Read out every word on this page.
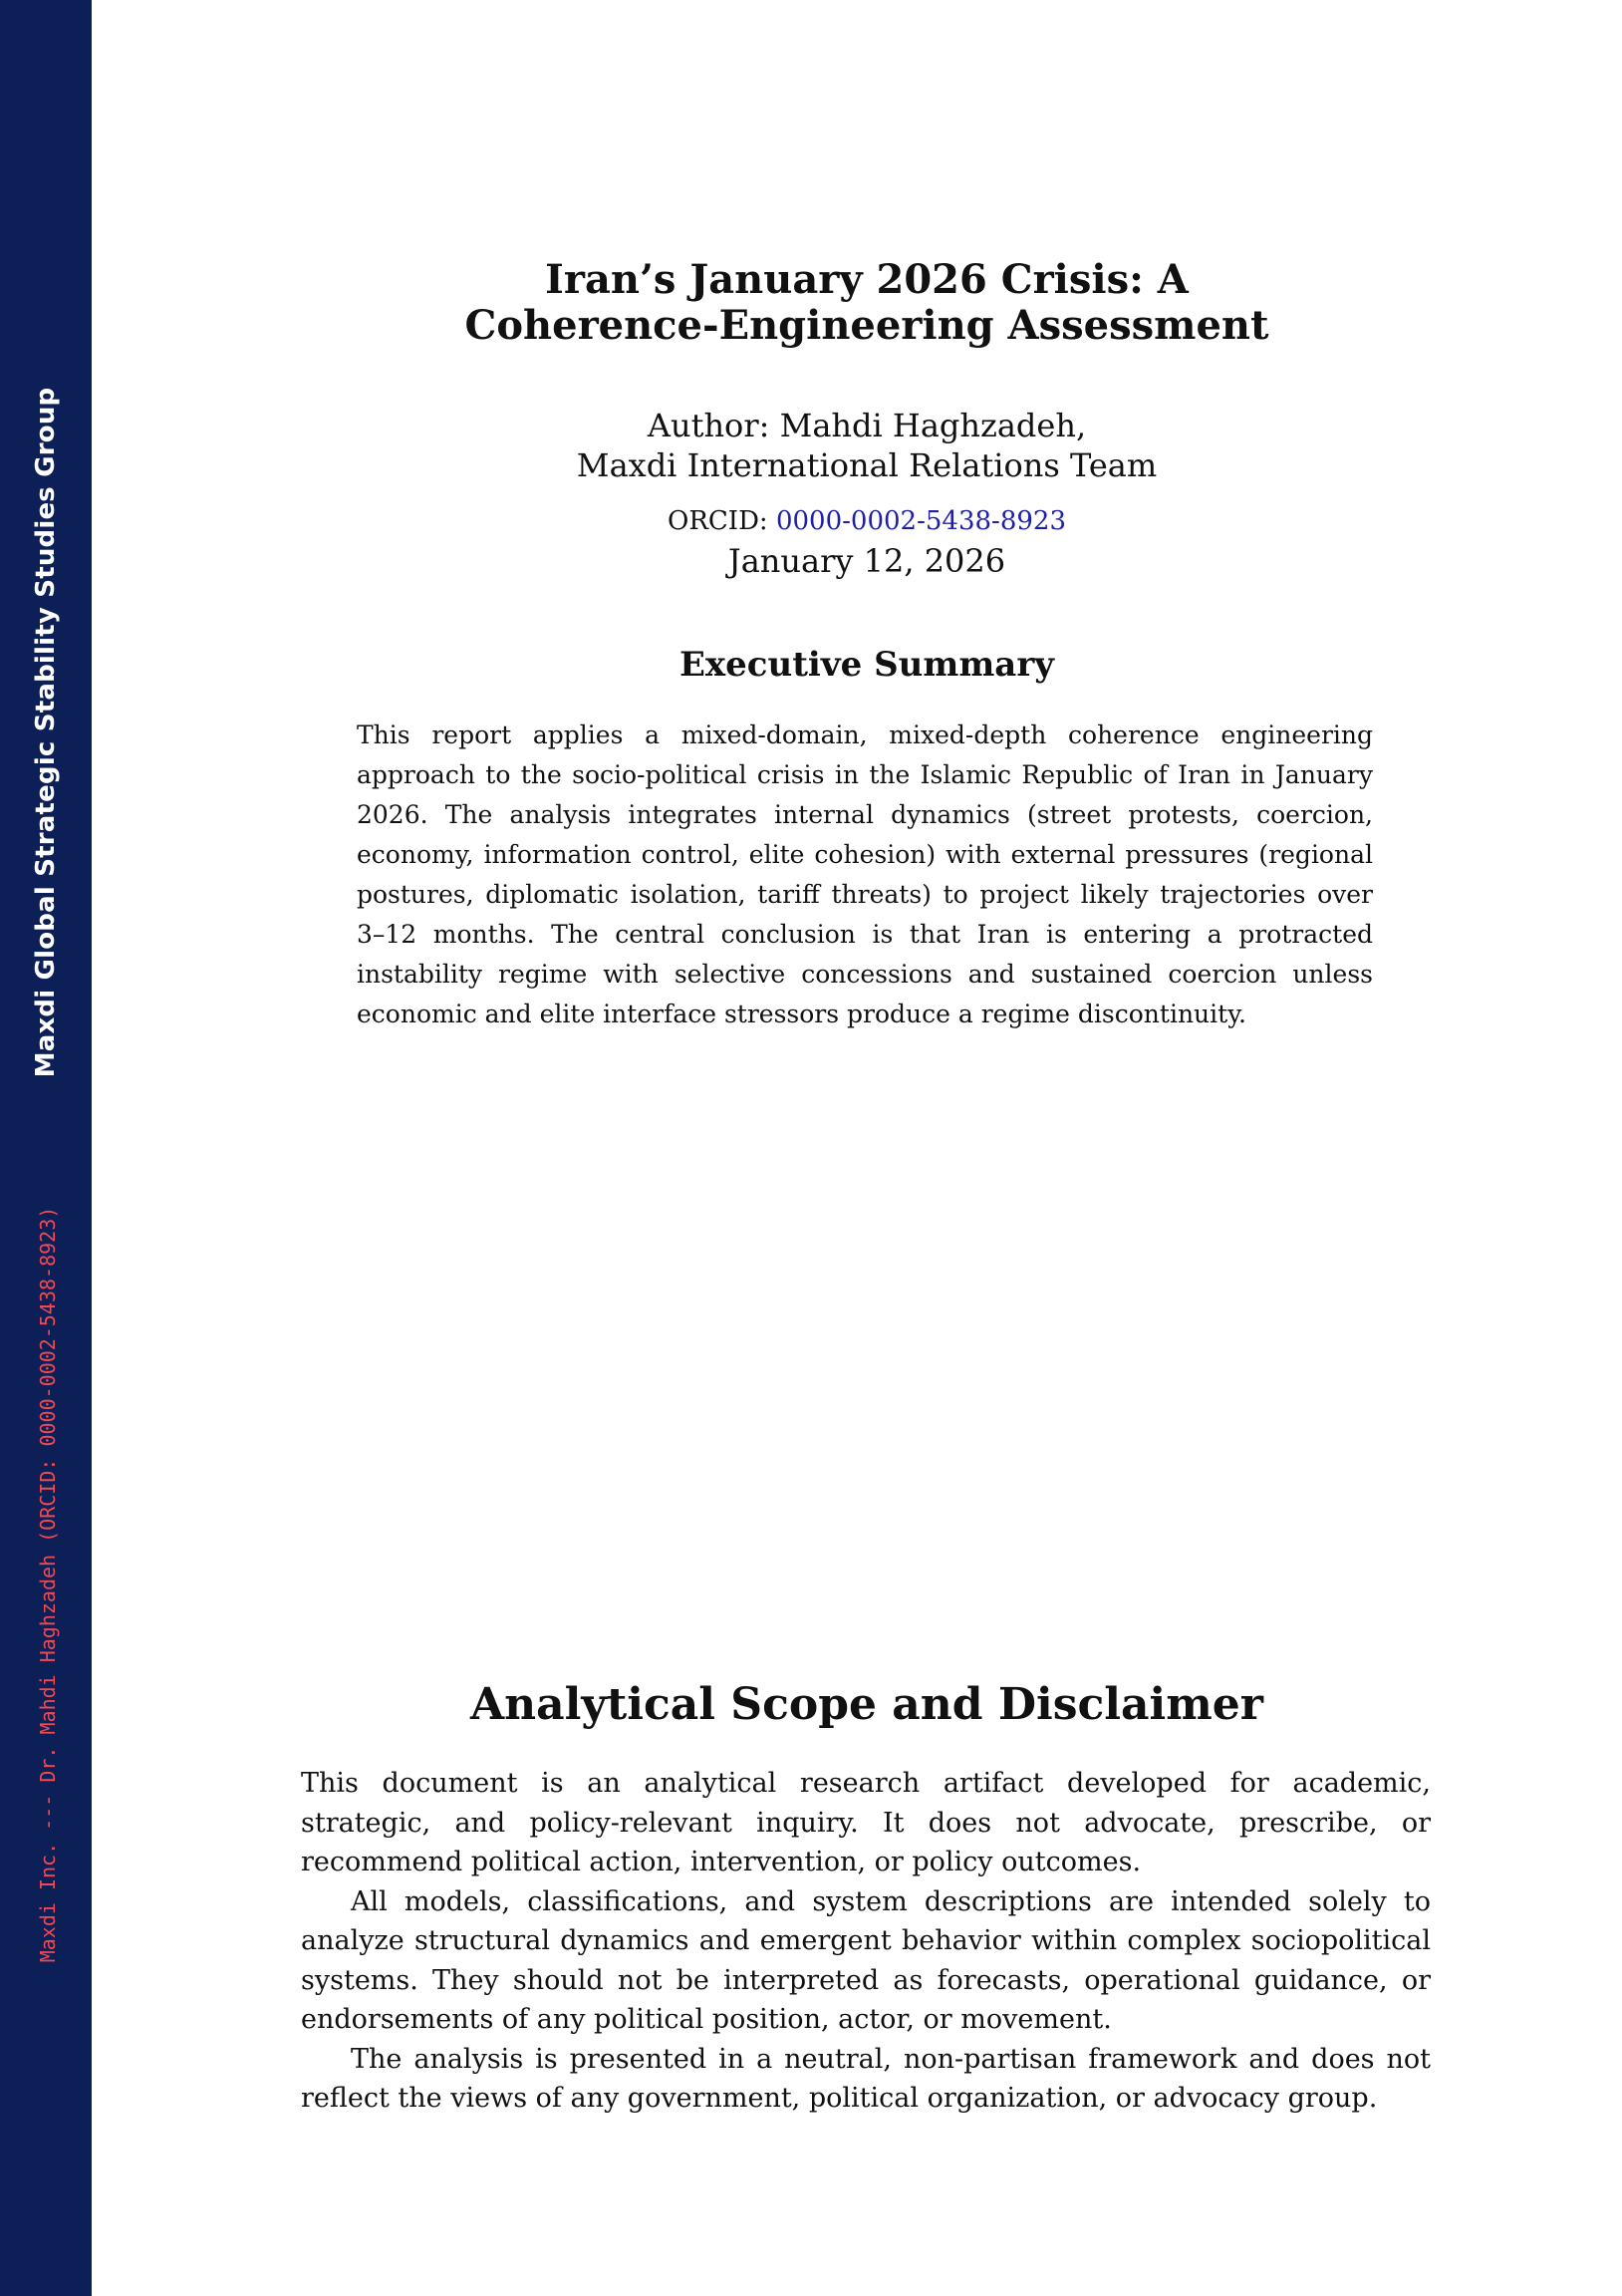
Maxdi Global Strategic Stability Studies Group
Maxdi Inc. --- Dr. Mahdi Haghzadeh (ORCID: 0000-0002-5438-8923)
Iran’s January 2026 Crisis: A
Coherence-Engineering Assessment
Author: Mahdi Haghzadeh,
Maxdi International Relations Team
ORCID: 0000-0002-5438-8923
January 12, 2026
Executive Summary
This report applies a mixed-domain, mixed-depth coherence engineering approach to the socio-political crisis in the Islamic Republic of Iran in January 2026. The analysis integrates internal dynamics (street protests, coercion, economy, information control, elite cohesion) with external pressures (regional postures, diplomatic isolation, tariff threats) to project likely trajectories over 3–12 months. The central conclusion is that Iran is entering a protracted instability regime with selective concessions and sustained coercion unless economic and elite interface stressors produce a regime discontinuity.
Analytical Scope and Disclaimer

This document is an analytical research artifact developed for academic, strategic, and policy-relevant inquiry. It does not advocate, prescribe, or recommend political action, intervention, or policy outcomes.

All models, classifications, and system descriptions are intended solely to analyze structural dynamics and emergent behavior within complex sociopolitical systems. They should not be interpreted as forecasts, operational guidance, or endorsements of any political position, actor, or movement.

The analysis is presented in a neutral, non-partisan framework and does not reflect the views of any government, political organization, or advocacy group.
